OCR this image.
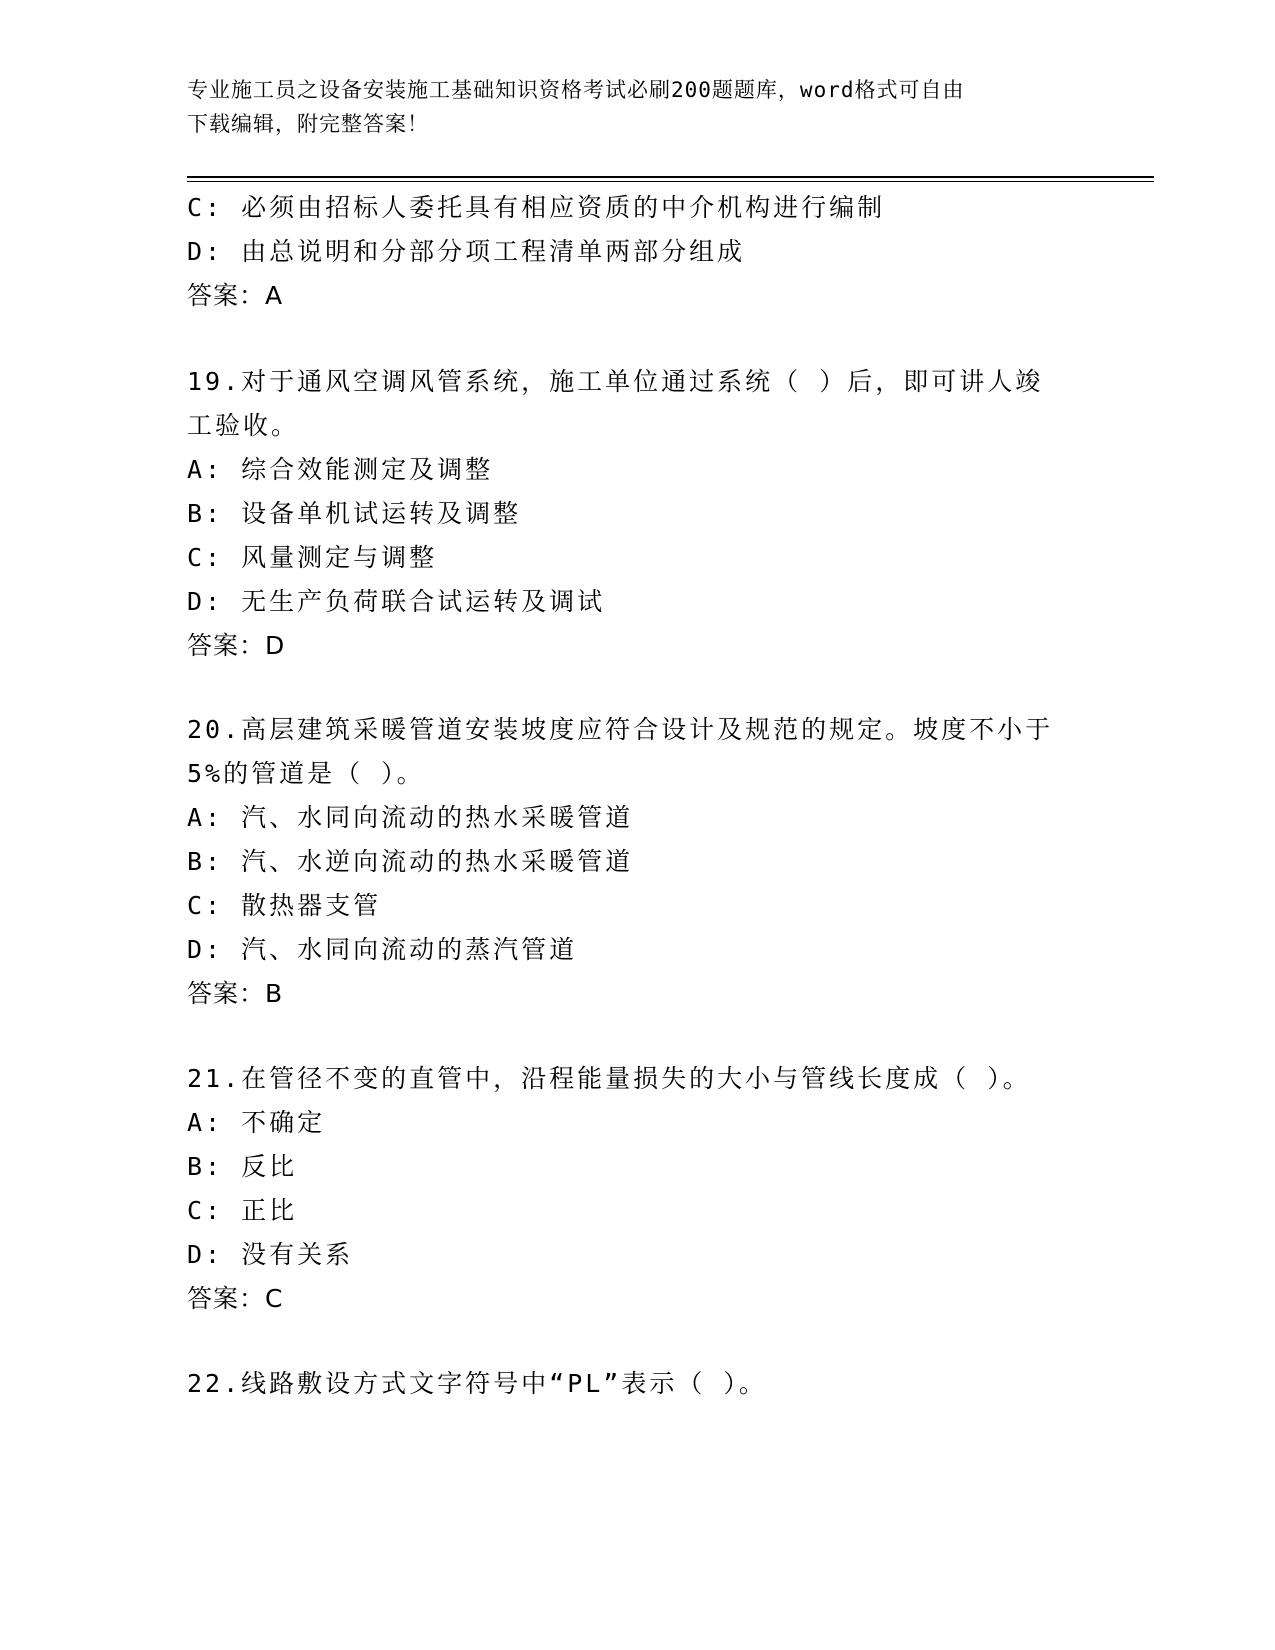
专业施工员之设备安装施工基础知识资格考试必刷200题题库，word格式可自由
下载编辑，附完整答案！
C: 必须由招标人委托具有相应资质的中介机构进行编制
D: 由总说明和分部分项工程清单两部分组成
答案：A
19.对于通风空调风管系统，施工单位通过系统（ ）后，即可讲人竣
工验收。
A: 综合效能测定及调整
B: 设备单机试运转及调整
C: 风量测定与调整
D: 无生产负荷联合试运转及调试
答案：D
20.高层建筑采暖管道安装坡度应符合设计及规范的规定。坡度不小于
5%的管道是（ ）。
A: 汽、水同向流动的热水采暖管道
B: 汽、水逆向流动的热水采暖管道
C: 散热器支管
D: 汽、水同向流动的蒸汽管道
答案：B
21.在管径不变的直管中，沿程能量损失的大小与管线长度成（ ）。
A: 不确定
B: 反比
C: 正比
D: 没有关系
答案：C
22.线路敷设方式文字符号中“PL”表示（ ）。
